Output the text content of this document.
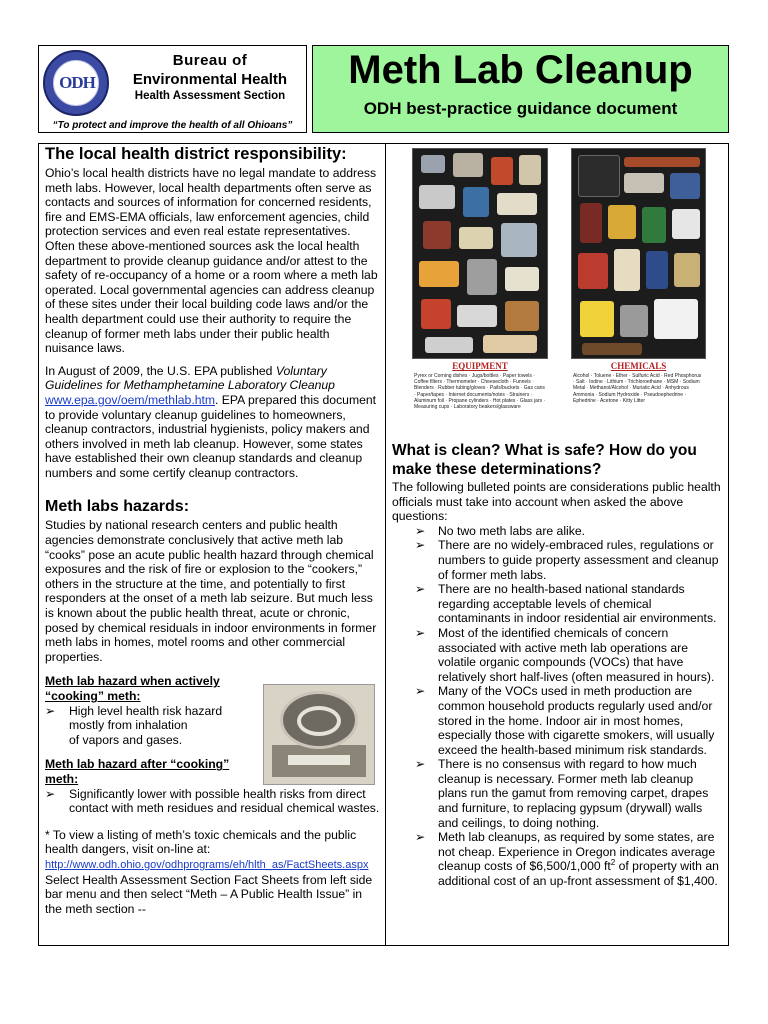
ODH
Bureau of
Environmental Health
Health Assessment Section
“To protect and improve the health of all Ohioans”
Meth Lab Cleanup
ODH best-practice guidance document
The local health district responsibility:
Ohio’s local health districts have no legal mandate to address meth labs. However, local health departments often serve as contacts and sources of information for concerned residents, fire and EMS-EMA officials, law enforcement agencies, child protection services and even real estate representatives. Often these above-mentioned sources ask the local health department to provide cleanup guidance and/or attest to the safety of re-occupancy of a home or a room where a meth lab operated. Local governmental agencies can address cleanup of these sites under their local building code laws and/or the health department could use their authority to require the cleanup of former meth labs under their public health nuisance laws.
In August of 2009, the U.S. EPA published Voluntary Guidelines for Methamphetamine Laboratory Cleanup
www.epa.gov/oem/methlab.htm. EPA prepared this document to provide voluntary cleanup guidelines to homeowners, cleanup contractors, industrial hygienists, policy makers and others involved in meth lab cleanup. However, some states have established their own cleanup standards and cleanup numbers and some certify cleanup contractors.
Meth labs hazards:
Studies by national research centers and public health agencies demonstrate conclusively that active meth lab “cooks” pose an acute public health hazard through chemical exposures and the risk of fire or explosion to the “cookers,” others in the structure at the time, and potentially to first responders at the onset of a meth lab seizure. But much less is known about the public health threat, acute or chronic, posed by chemical residuals in indoor environments in former meth labs in homes, motel rooms and other commercial properties.
Meth lab hazard when actively “cooking” meth:
➢ High level health risk hazard mostly from inhalation
of vapors and gases.
Meth lab hazard after “cooking” meth:
➢ Significantly lower with possible health risks from direct contact with meth residues and residual chemical wastes.
* To view a listing of meth’s toxic chemicals and the public health dangers, visit on-line at:
http://www.odh.ohio.gov/odhprograms/eh/hlth_as/FactSheets.aspx
Select Health Assessment Section Fact Sheets from left side bar menu and then select “Meth – A Public Health Issue” in the meth section --
EQUIPMENT
Pyrex or Corning dishes · Jugs/bottles · Paper towels · Coffee filters · Thermometer · Cheesecloth · Funnels · Blenders · Rubber tubing/gloves · Pails/buckets · Gas cans · Paper/tapes · Internet documents/notes · Strainers · Aluminum foil · Propane cylinders · Hot plates · Glass jars · Measuring cups · Laboratory beakers/glassware
CHEMICALS
Alcohol · Toluene · Ether · Sulfuric Acid · Red Phosphorus · Salt · Iodine · Lithium · Trichloroethane · MSM · Sodium Metal · Methanol/Alcohol · Muriatic Acid · Anhydrous Ammonia · Sodium Hydroxide · Pseudoephedrine · Ephedrine · Acetone · Kitty Litter
What is clean? What is safe? How do you make these determinations?
The following bulleted points are considerations public health officials must take into account when asked the above questions:
➢ No two meth labs are alike.
➢ There are no widely-embraced rules, regulations or numbers to guide property assessment and cleanup of former meth labs.
➢ There are no health-based national standards regarding acceptable levels of chemical contaminants in indoor residential air environments.
➢ Most of the identified chemicals of concern associated with active meth lab operations are volatile organic compounds (VOCs) that have relatively short half-lives (often measured in hours).
➢ Many of the VOCs used in meth production are common household products regularly used and/or stored in the home. Indoor air in most homes, especially those with cigarette smokers, will usually exceed the health-based minimum risk standards.
➢ There is no consensus with regard to how much cleanup is necessary. Former meth lab cleanup plans run the gamut from removing carpet, drapes and furniture, to replacing gypsum (drywall) walls and ceilings, to doing nothing.
➢ Meth lab cleanups, as required by some states, are not cheap. Experience in Oregon indicates average cleanup costs of $6,500/1,000 $ft^2$ of property with an additional cost of an up-front assessment of $1,400.
